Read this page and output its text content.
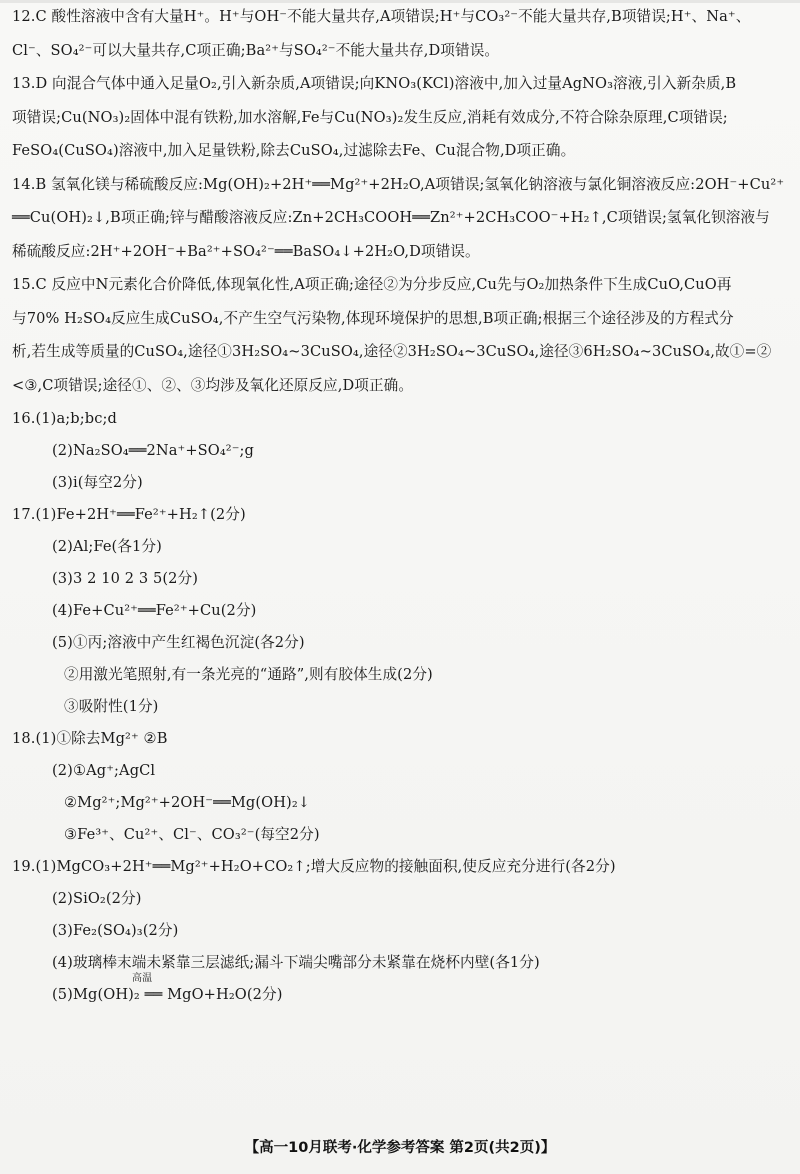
12.C 酸性溶液中含有大量H⁺。H⁺与OH⁻不能大量共存,A项错误;H⁺与CO₃²⁻不能大量共存,B项错误;H⁺、Na⁺、
Cl⁻、SO₄²⁻可以大量共存,C项正确;Ba²⁺与SO₄²⁻不能大量共存,D项错误。
13.D 向混合气体中通入足量O₂,引入新杂质,A项错误;向KNO₃(KCl)溶液中,加入过量AgNO₃溶液,引入新杂质,B
项错误;Cu(NO₃)₂固体中混有铁粉,加水溶解,Fe与Cu(NO₃)₂发生反应,消耗有效成分,不符合除杂原理,C项错误;
FeSO₄(CuSO₄)溶液中,加入足量铁粉,除去CuSO₄,过滤除去Fe、Cu混合物,D项正确。
14.B 氢氧化镁与稀硫酸反应:Mg(OH)₂+2H⁺══Mg²⁺+2H₂O,A项错误;氢氧化钠溶液与氯化铜溶液反应:2OH⁻+Cu²⁺
══Cu(OH)₂↓,B项正确;锌与醋酸溶液反应:Zn+2CH₃COOH══Zn²⁺+2CH₃COO⁻+H₂↑,C项错误;氢氧化钡溶液与
稀硫酸反应:2H⁺+2OH⁻+Ba²⁺+SO₄²⁻══BaSO₄↓+2H₂O,D项错误。
15.C 反应中N元素化合价降低,体现氧化性,A项正确;途径②为分步反应,Cu先与O₂加热条件下生成CuO,CuO再
与70% H₂SO₄反应生成CuSO₄,不产生空气污染物,体现环境保护的思想,B项正确;根据三个途径涉及的方程式分
析,若生成等质量的CuSO₄,途径①3H₂SO₄~3CuSO₄,途径②3H₂SO₄~3CuSO₄,途径③6H₂SO₄~3CuSO₄,故①=②
<③,C项错误;途径①、②、③均涉及氧化还原反应,D项正确。
16.(1)a;b;bc;d
(2)Na₂SO₄══2Na⁺+SO₄²⁻;g
(3)i(每空2分)
17.(1)Fe+2H⁺══Fe²⁺+H₂↑(2分)
(2)Al;Fe(各1分)
(3)3 2 10 2 3 5(2分)
(4)Fe+Cu²⁺══Fe²⁺+Cu(2分)
(5)①丙;溶液中产生红褐色沉淀(各2分)
②用激光笔照射,有一条光亮的“通路”,则有胶体生成(2分)
③吸附性(1分)
18.(1)①除去Mg²⁺ ②B
(2)①Ag⁺;AgCl
②Mg²⁺;Mg²⁺+2OH⁻══Mg(OH)₂↓
③Fe³⁺、Cu²⁺、Cl⁻、CO₃²⁻(每空2分)
19.(1)MgCO₃+2H⁺══Mg²⁺+H₂O+CO₂↑;增大反应物的接触面积,使反应充分进行(各2分)
(2)SiO₂(2分)
(3)Fe₂(SO₄)₃(2分)
(4)玻璃棒末端未紧靠三层滤纸;漏斗下端尖嘴部分未紧靠在烧杯内壁(各1分)
(5)Mg(OH)₂ ══ MgO+H₂O(2分)
高温
【高一10月联考·化学参考答案 第2页(共2页)】
